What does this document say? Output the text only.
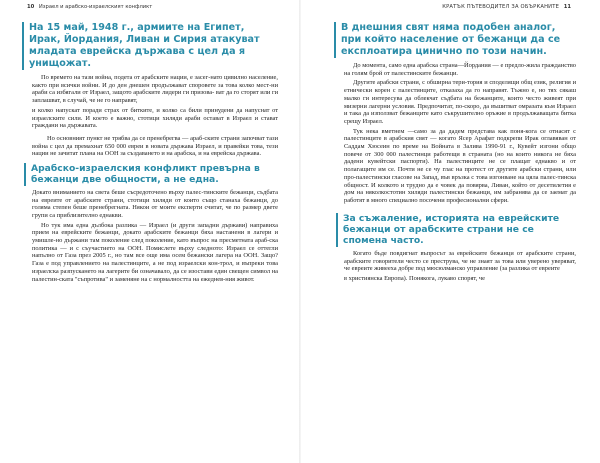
10 Израел и арабско-израелският конфликт
На 15 май, 1948 г., армиите на Египет, Ирак, Йордания, Ливан и Сирия атакуват младата еврейска държава с цел да я унищожат.

По времето на тази война, подета от арабските нации, е засег-нато цивилно население, както при всички войни. И до ден днешен продължават споровете за това колко мест-ни араби са избягали от Израел, защото арабските лидери ги призова- ват да го сторят или ги заплашват, в случай, че не го направят,

и колко напускат поради страх от битките, и колко са били принудени да напуснат от израелските сили. И което е важно, стотици хиляди араби остават в Израел и стават граждани на държавата.

Но основният пункт не трябва да се пренебрегва — араб-ските страни започват тази война с цел да премахнат 650 000 евреи в новата държава Израел, и правейки това, тези нации не зачитат плана на ООН за създаването и на арабска, и на еврейска държава.

Арабско-израелския конфликт превърна в бежанци две общности, а не една.

Докато вниманието на света беше съсредоточено върху палес-тинските бежанци, съдбата на евреите от арабските страни, стотици хиляди от които също станаха бежанци, до голяма степен беше пренебрегната. Някои от моите експерти считат, че по размер двете групи са приблизително еднакви.

Но тук има една дълбока разлика — Израел (и други западни държави) направиха прием на еврейските бежанци, докато арабските бежанци бяха настанени в лагери и умишле-но държани там поколение след поколение, като въпрос на пресметната араб-ска политика — и с съучастието на ООН. Помислете върху следното: Израел се оттегли напълно от Газа през 2005 г., но там все още има осем бежански лагера на ООН. Защо? Газа е под управлението на палестинците, а не под израелски кон-трол, и въпреки това израелска разпускането на лагерите би означавало, да се изостави един свещен символ на палестин-ската "съпротива" и заменяне на с нормалността на ежеднев-ния живот.

КРАТЪК ПЪТЕВОДИТЕЛ ЗА ОБЪРКАНИТЕ 11
В днешния свят няма подобен аналог, при който население от бежанци да се експлоатира цинично по този начин.

До момента, само една арабска страна—Йордания — е предло-жила гражданство на голям брой от палестинските бежанци.

Другите арабски страни, с обширна тери-тория и споделящи общ език, религия и етнически корен с палестинците, отказаха да го направят. Тъжно е, но тях сякаш малко ги интересува да облекчат съдбата на бежанците, които често живеят при мизерни лагерни условия. Предпочитат, по-скоро, да въшитват омразата към Израел и така да използват бежанците като съкрушително оръжие в продължаващата битка срещу Израел.

Тук нека вметнем —само за да дадем представа как поня-кога се отнасят с палестинците в арабския свят — когато Ясер Арафат подкрепи Ирак оглавяван от Саддам Хюсеин по време на Войната в Залива 1990-91 г., Кувейт изгони общо повече от 300 000 палестинци работещи в страната (но на които никога не бяха дадени кувейтски паспорти). На палестинците не се плащат еднакво и от полагащите им се. Почти не се чу глас на протест от другите арабски страни, или про-палестински гласове на Запад, във връзка с това изгонване на цяла палес-тинска общност. И колкото и трудно да е човек да повярва, Ливан, който от десетилетия е дом на няколкостотин хиляди палестински бежанци, им забранява да се заемат да работят в много специално посочени професионални сфери.

За съжаление, историята на еврейските бежанци от арабските страни не се спомена часто.

Когато бъде повдигнат въпросът за еврейските бежанци от арабските страни, арабските говорители често се преструва, че не знаят за това или уверено уверяват, че евреите живееха добре под мюсюлманско управление (за разлика от евреите

в християнска Европа). Понякога, лукаво спорят, че
